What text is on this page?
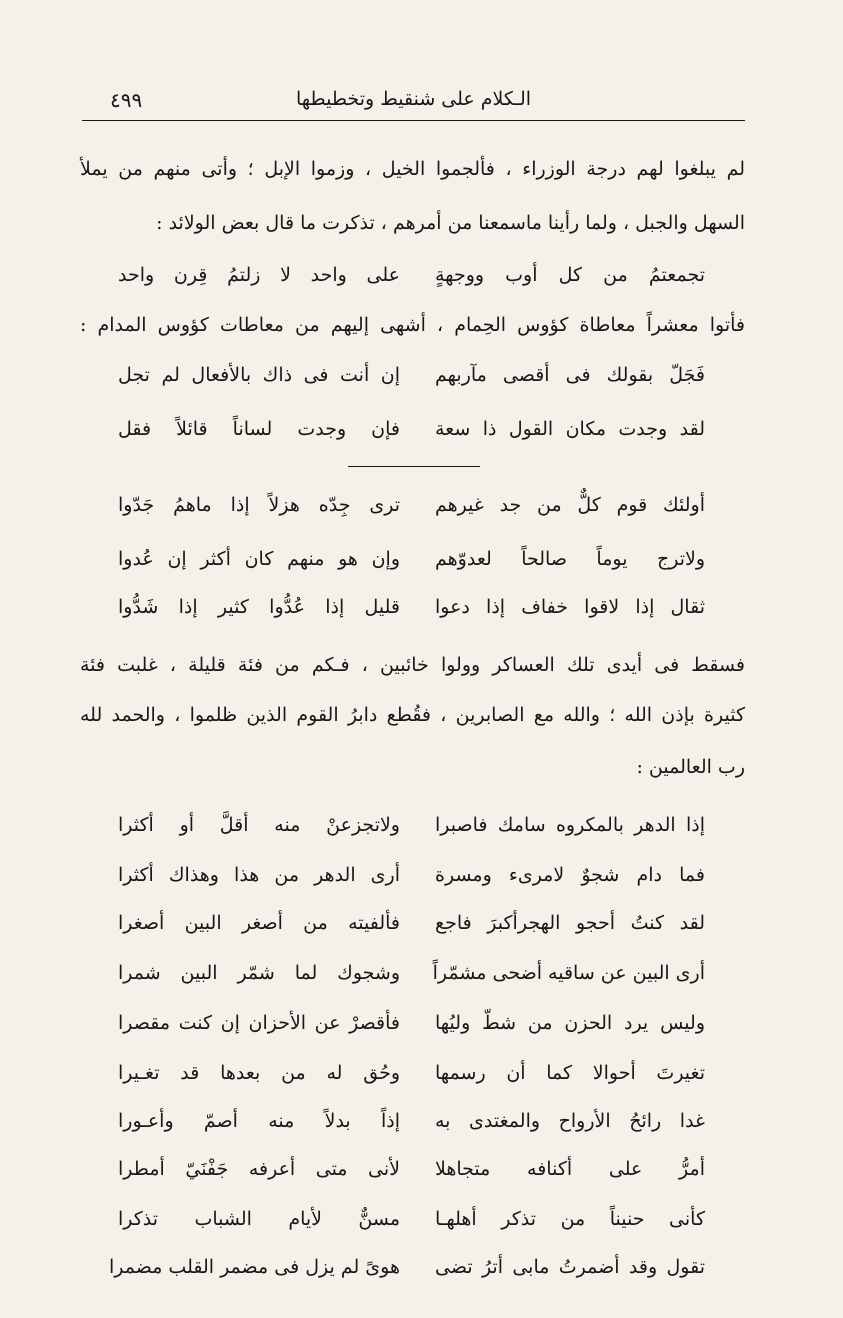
الـكلام على شنقيط وتخطيطها
٤٩٩
لم يبلغوا لهم درجة الوزراء ، فألجموا الخيل ، وزموا الإبل ؛ وأتى منهم من يملأ
السهل والجبل ، ولما رأينا ماسمعنا من أمرهم ، تذكرت ما قال بعض الولائد :
تجمعتمُ من كل أوب ووجهةٍ
على واحد لا زلتمُ قِرن واحد
فأتوا معشراً معاطاة كؤوس الحِمام ، أشهى إليهم من معاطات كؤوس المدام :
فَجَلّ بقولك فى أقصى مآربهم
إن أنت فى ذاك بالأفعال لم تجل
لقد وجدت مكان القول ذا سعة
فإن وجدت لساناً قائلاً فقل
أولئك قوم كلٌّ من جد غيرهم
ترى جِدّه هزلاً إذا ماهمُ جَدّوا
ولاترج يوماً صالحاً لعدوّهم
وإن هو منهم كان أكثر إن عُدوا
ثقال إذا لاقوا خفاف إذا دعوا
قليل إذا عُدُّوا كثير إذا شَدُّوا
فسقط فى أيدى تلك العساكر وولوا خائبين ، فـكم من فئة قليلة ، غلبت فئة
كثيرة بإذن الله ؛ والله مع الصابرين ، فقُطع دابرُ القوم الذين ظلموا ، والحمد لله
رب العالمين :
إذا الدهر بالمكروه سامك فاصبرا
ولاتجزعنْ منه أقلَّ أو أكثرا
فما دام شجوٌ لامرىء ومسرة
أرى الدهر من هذا وهذاك أكثرا
لقد كنتُ أحجو الهجرأكبرَ فاجع
فألفيته من أصغر البين أصغرا
أرى البين عن ساقيه أضحى مشمّراً
وشجوك لما شمّر البين شمرا
وليس يرد الحزن من شطّ وليُها
فأقصرْ عن الأحزان إن كنت مقصرا
تغيرتَ أحوالا كما أن رسمها
وحُق له من بعدها قد تغـيرا
غدا رائحُ الأرواح والمغتدى به
إذاً بدلاً منه أصمّ وأعـورا
أمرُّ على أكنافه متجاهلا
لأنى متى أعرفه جَفْنَيّ أمطرا
كأنى حنيناً من تذكر أهلهـا
مسنٌّ لأيام الشباب تذكرا
تقول وقد أضمرتُ مابى أترُ تضى
هوىً لم يزل فى مضمر القلب مضمرا
